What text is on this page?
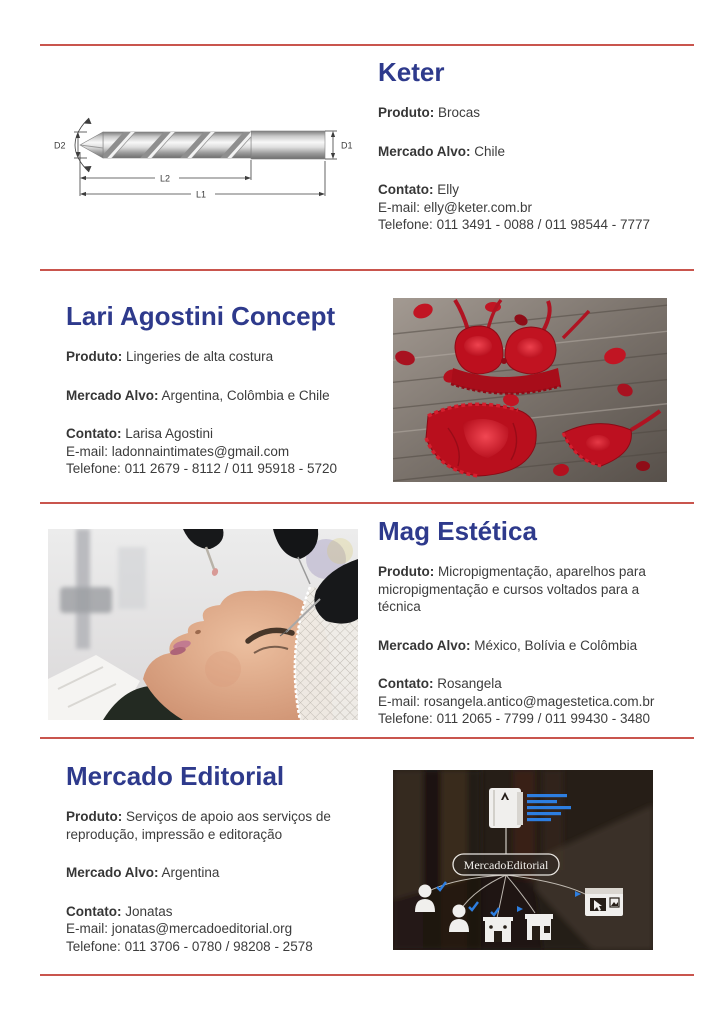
D2	D1
L2
L1
Keter

Produto: Brocas

Mercado Alvo: Chile

Contato: Elly

E-mail: elly@keter.com.br

Telefone: 011 3491 - 0088 / 011 98544 - 7777

Lari Agostini Concept

Produto: Lingeries de alta costura

Mercado Alvo: Argentina, Colômbia e Chile

Contato: Larisa Agostini

E-mail: ladonnaintimates@gmail.com

Telefone: 011 2679 - 8112 / 011 95918 - 5720

Mag Estética

Produto: Micropigmentação, aparelhos para micropigmentação e cursos voltados para a técnica

Mercado Alvo: México, Bolívia e Colômbia

Contato: Rosangela

E-mail: rosangela.antico@magestetica.com.br

Telefone: 011 2065 - 7799 / 011 99430 - 3480

Mercado Editorial

Produto: Serviços de apoio aos serviços de reprodução, impressão e editoração

Mercado Alvo: Argentina

Contato: Jonatas

E-mail: jonatas@mercadoeditorial.org

Telefone: 011 3706 - 0780 / 98208 - 2578

MercadoEditorial
